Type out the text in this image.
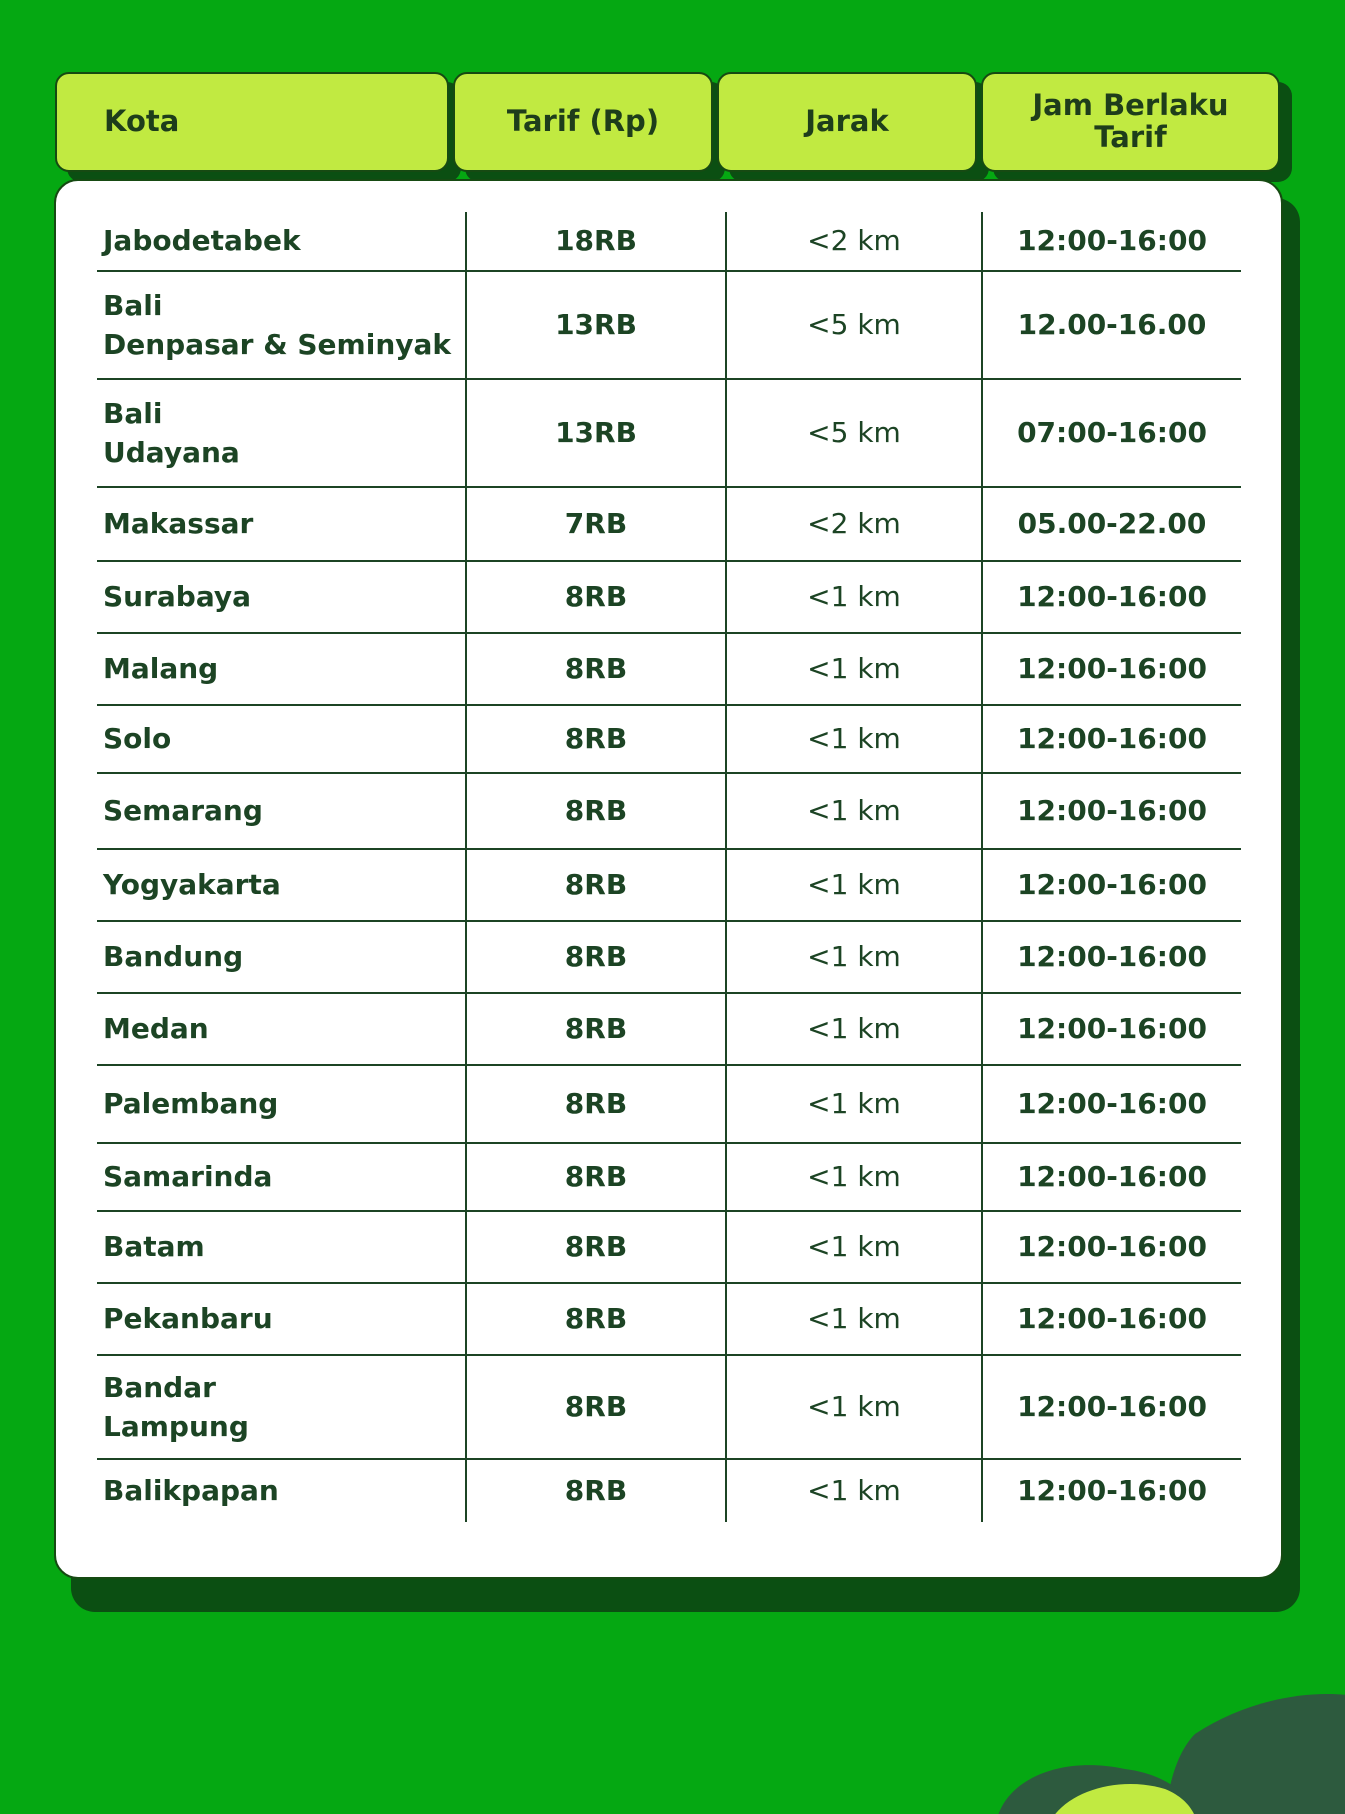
Kota	Tarif (Rp)	Jarak	Jam Berlaku Tarif
Jabodetabek	18RB	<2 km	12:00-16:00
Bali
Denpasar & Seminyak
13RB	<5 km	12.00-16.00
Bali
Udayana
13RB	<5 km	07:00-16:00
Makassar	7RB	<2 km	05.00-22.00
Surabaya	8RB	<1 km	12:00-16:00
Malang	8RB	<1 km	12:00-16:00
Solo	8RB	<1 km	12:00-16:00
Semarang	8RB	<1 km	12:00-16:00
Yogyakarta	8RB	<1 km	12:00-16:00
Bandung	8RB	<1 km	12:00-16:00
Medan	8RB	<1 km	12:00-16:00
Palembang	8RB	<1 km	12:00-16:00
Samarinda	8RB	<1 km	12:00-16:00
Batam	8RB	<1 km	12:00-16:00
Pekanbaru	8RB	<1 km	12:00-16:00
Bandar
Lampung
8RB	<1 km	12:00-16:00
Balikpapan	8RB	<1 km	12:00-16:00
